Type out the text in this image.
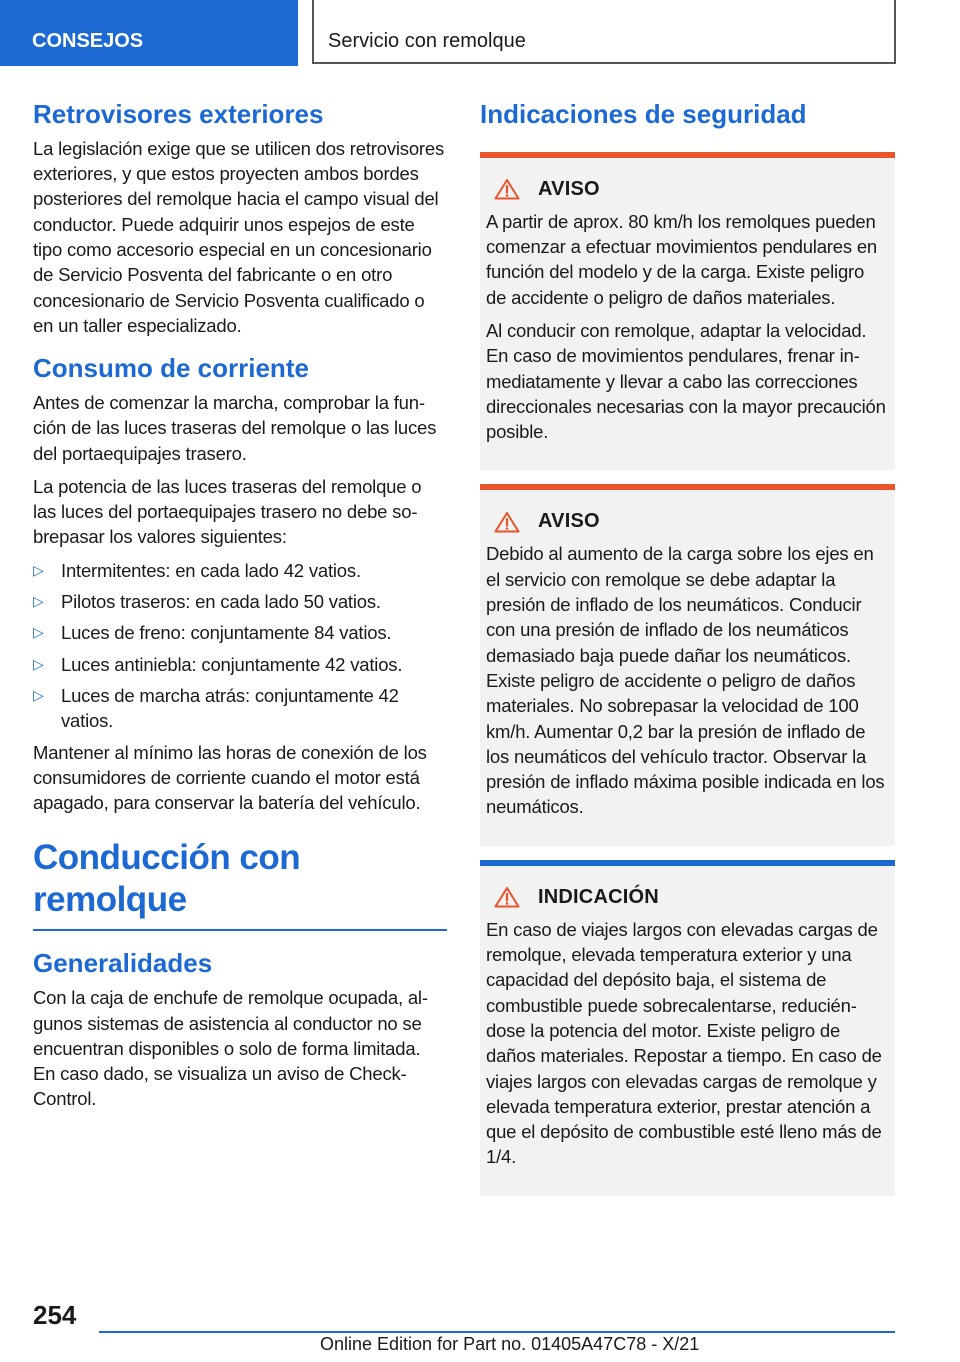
CONSEJOS	Servicio con remolque
Retrovisores exteriores

La legislación exige que se utilicen dos retrovisores exteriores, y que estos proyecten ambos bordes posteriores del remolque hacia el campo visual del conductor. Puede adquirir unos espejos de este tipo como accesorio especial en un concesionario de Servicio Posventa del fabricante o en otro concesionario de Servicio Posventa cualificado o en un taller especializado.

Consumo de corriente

Antes de comenzar la marcha, comprobar la función de las luces traseras del remolque o las luces del portaequipajes trasero.

La potencia de las luces traseras del remolque o las luces del portaequipajes trasero no debe sobrepasar los valores siguientes:

▷ Intermitentes: en cada lado 42 vatios.
▷ Pilotos traseros: en cada lado 50 vatios.
▷ Luces de freno: conjuntamente 84 vatios.
▷ Luces antiniebla: conjuntamente 42 vatios.
▷ Luces de marcha atrás: conjuntamente 42 vatios.

Mantener al mínimo las horas de conexión de los consumidores de corriente cuando el motor está apagado, para conservar la batería del vehículo.

Conducción con remolque
Generalidades

Con la caja de enchufe de remolque ocupada, algunos sistemas de asistencia al conductor no se encuentran disponibles o solo de forma limitada. En caso dado, se visualiza un aviso de Check-Control.

Indicaciones de seguridad
AVISO

A partir de aprox. 80 km/h los remolques pueden comenzar a efectuar movimientos pendulares en función del modelo y de la carga. Existe peligro de accidente o peligro de daños materiales.

Al conducir con remolque, adaptar la velocidad. En caso de movimientos pendulares, frenar inmediatamente y llevar a cabo las correcciones direccionales necesarias con la mayor precaución posible.

AVISO

Debido al aumento de la carga sobre los ejes en el servicio con remolque se debe adaptar la presión de inflado de los neumáticos. Conducir con una presión de inflado de los neumáticos demasiado baja puede dañar los neumáticos. Existe peligro de accidente o peligro de daños materiales. No sobrepasar la velocidad de 100 km/h. Aumentar 0,2 bar la presión de inflado de los neumáticos del vehículo tractor. Observar la presión de inflado máxima posible indicada en los neumáticos.

INDICACIÓN

En caso de viajes largos con elevadas cargas de remolque, elevada temperatura exterior y una capacidad del depósito baja, el sistema de combustible puede sobrecalentarse, reduciéndose la potencia del motor. Existe peligro de daños materiales. Repostar a tiempo. En caso de viajes largos con elevadas cargas de remolque y elevada temperatura exterior, prestar atención a que el depósito de combustible esté lleno más de 1/4.

254
Online Edition for Part no. 01405A47C78 - X/21
